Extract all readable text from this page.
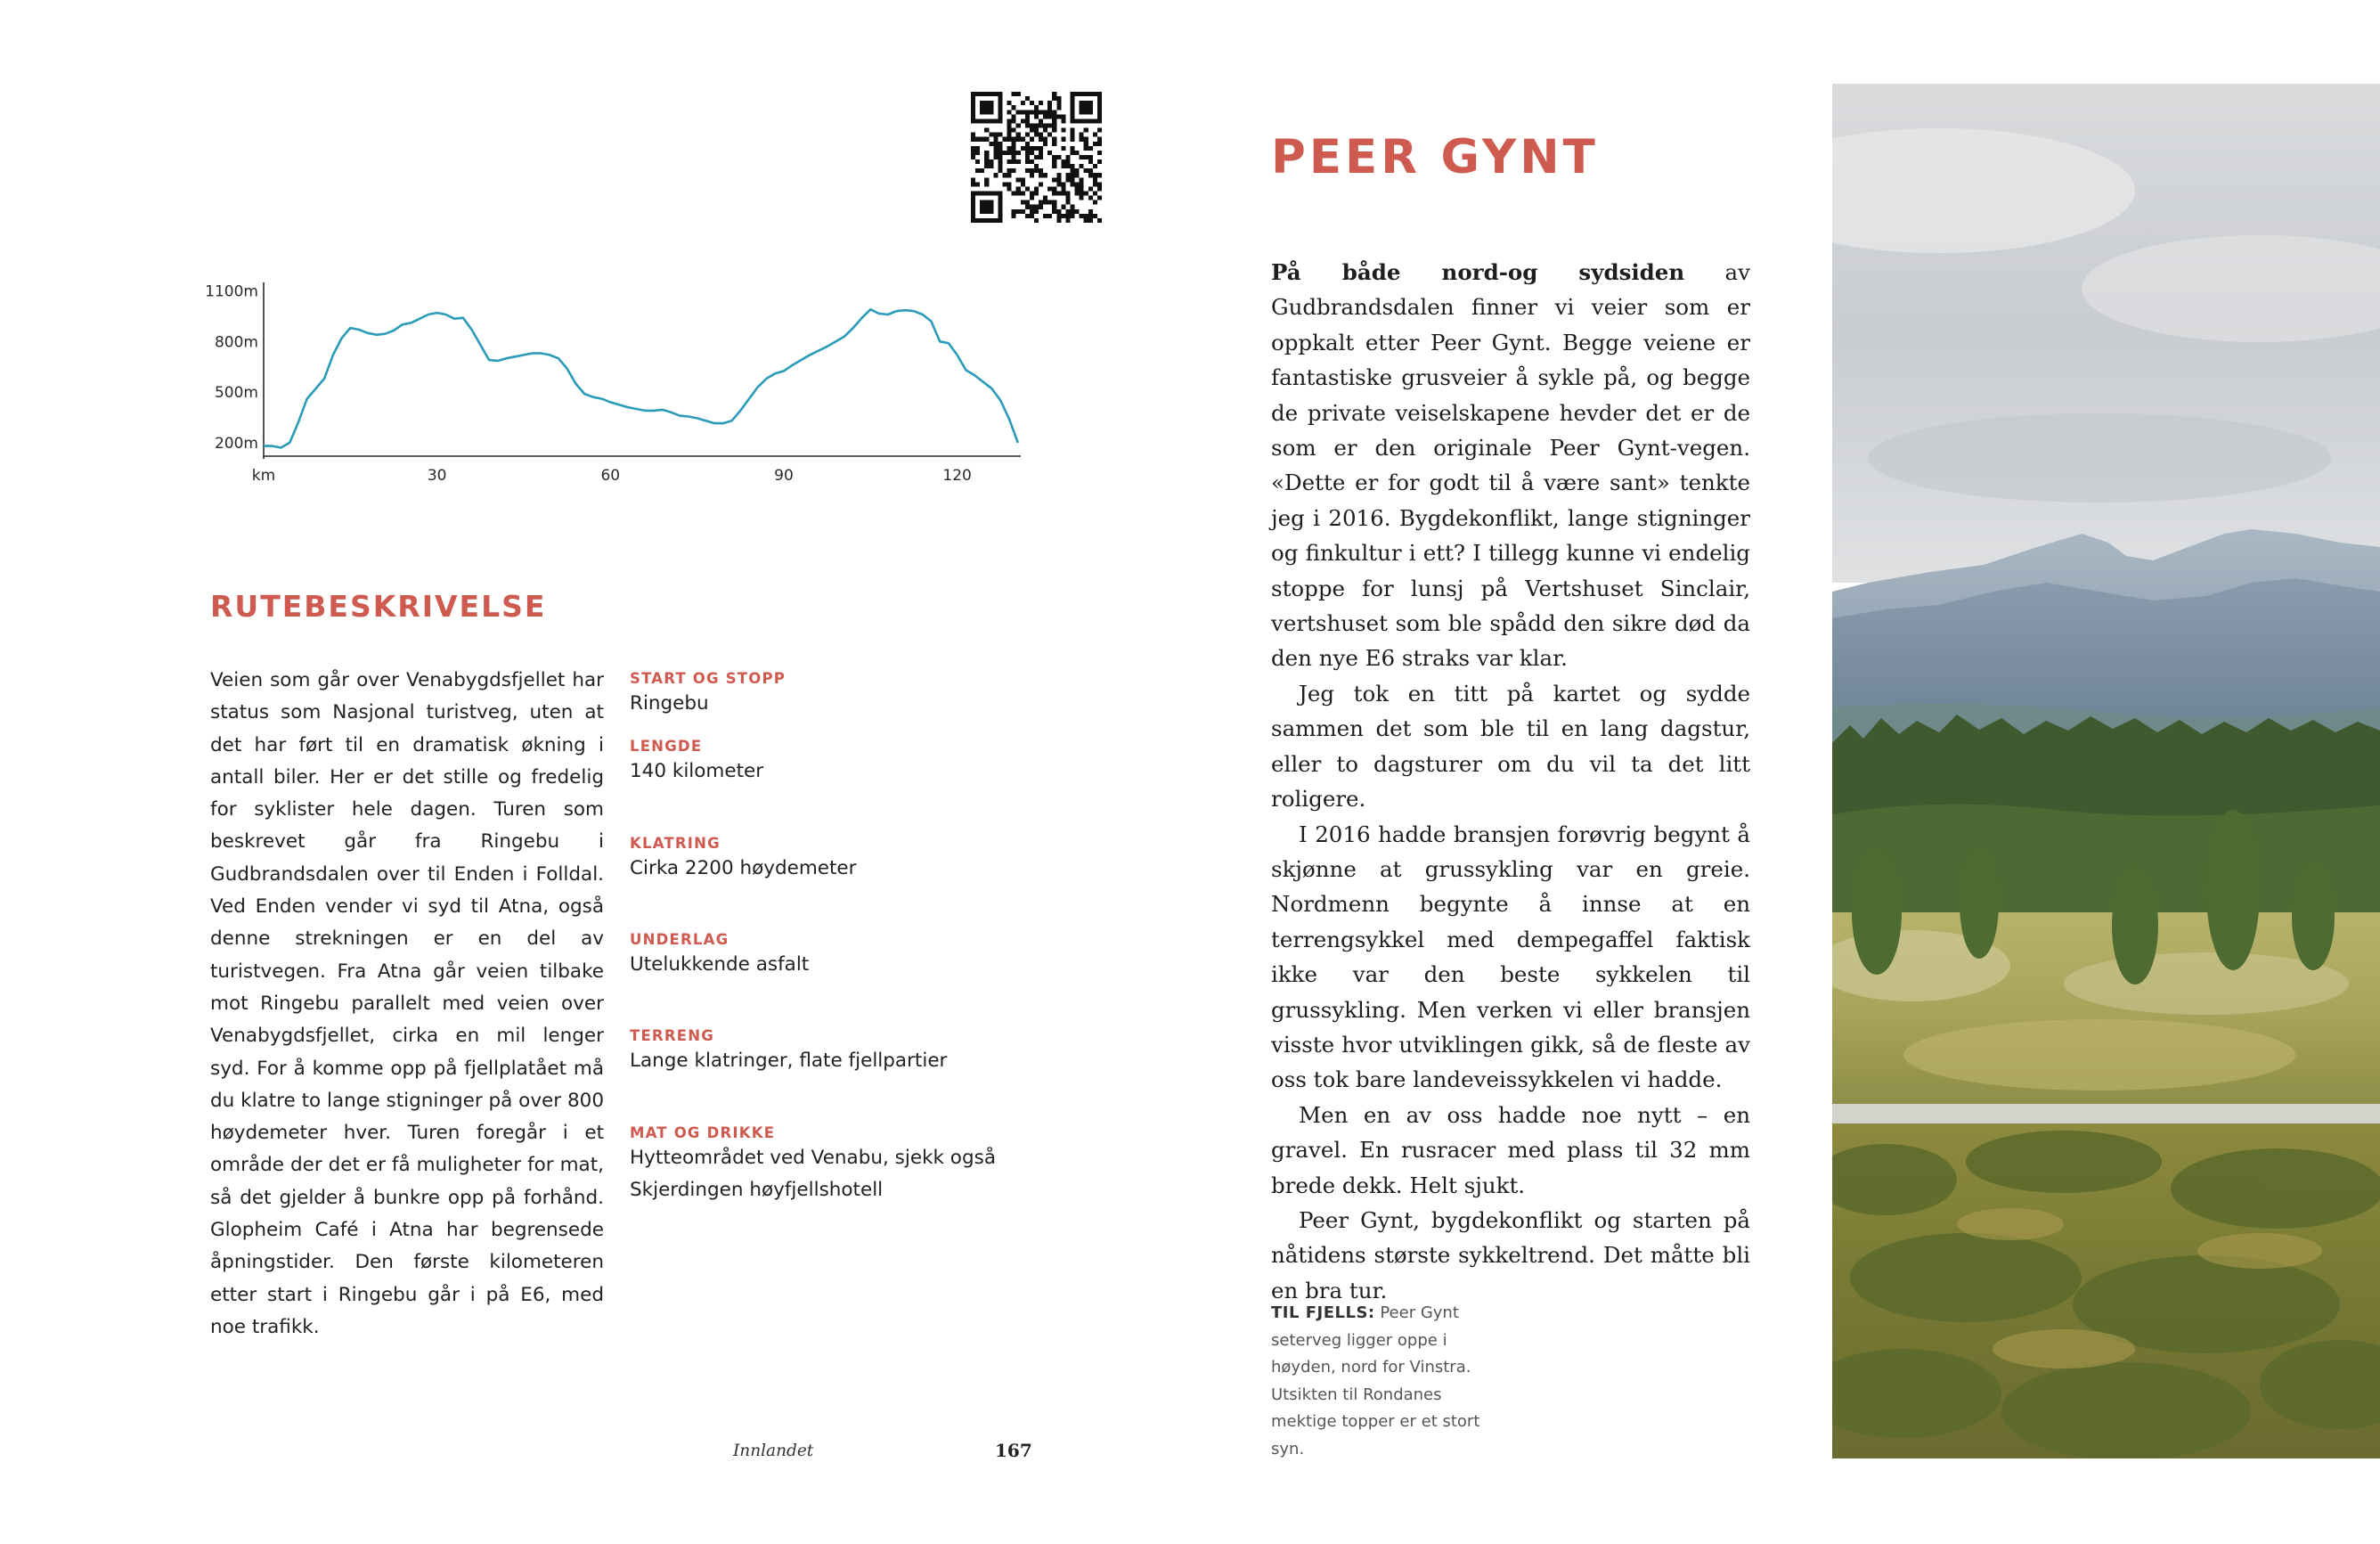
1100m
800m
500m
200m
km	30	60	90	120
RUTEBESKRIVELSE

Veien som går over Venabygdsfjellet har status som Nasjonal turistveg, uten at det har ført til en dramatisk økning i antall biler. Her er det stille og fredelig for syklister hele dagen. Turen som beskrevet går fra Ringebu i Gudbrandsdalen over til Enden i Folldal. Ved Enden vender vi syd til Atna, også denne strekningen er en del av turistvegen. Fra Atna går veien tilbake mot Ringebu parallelt med veien over Venabygdsfjellet, cirka en mil lenger syd. For å komme opp på fjellplatået må du klatre to lange stigninger på over 800 høydemeter hver. Turen foregår i et område der det er få muligheter for mat, så det gjelder å bunkre opp på forhånd. Glopheim Café i Atna har begrensede åpningstider. Den første kilometeren etter start i Ringebu går i på E6, med noe trafikk.

START OG STOPP
Ringebu
LENGDE
140 kilometer
KLATRING
Cirka 2200 høydemeter
UNDERLAG
Utelukkende asfalt
TERRENG
Lange klatringer, flate fjellpartier
MAT OG DRIKKE
Hytteområdet ved Venabu, sjekk også Skjerdingen høyfjellshotell
Innlandet	167
PEER GYNT

På både nord-og sydsiden av Gudbrandsdalen finner vi veier som er oppkalt etter Peer Gynt. Begge veiene er fantastiske grusveier å sykle på, og begge de private veiselskapene hevder det er de som er den originale Peer Gynt-vegen. «Dette er for godt til å være sant» tenkte jeg i 2016. Bygdekonflikt, lange stigninger og finkultur i ett? I tillegg kunne vi endelig stoppe for lunsj på Vertshuset Sinclair, vertshuset som ble spådd den sikre død da den nye E6 straks var klar.

Jeg tok en titt på kartet og sydde sammen det som ble til en lang dagstur, eller to dagsturer om du vil ta det litt roligere.

I 2016 hadde bransjen forøvrig begynt å skjønne at grussykling var en greie. Nordmenn begynte å innse at en terrengsykkel med dempegaffel faktisk ikke var den beste sykkelen til grussykling. Men verken vi eller bransjen visste hvor utviklingen gikk, så de fleste av oss tok bare landeveissykkelen vi hadde.

Men en av oss hadde noe nytt – en gravel. En rusracer med plass til 32 mm brede dekk. Helt sjukt.

Peer Gynt, bygdekonflikt og starten på nåtidens største sykkeltrend. Det måtte bli en bra tur.

TIL FJELLS: Peer Gynt seterveg ligger oppe i høyden, nord for Vinstra. Utsikten til Rondanes mektige topper er et stort syn.
